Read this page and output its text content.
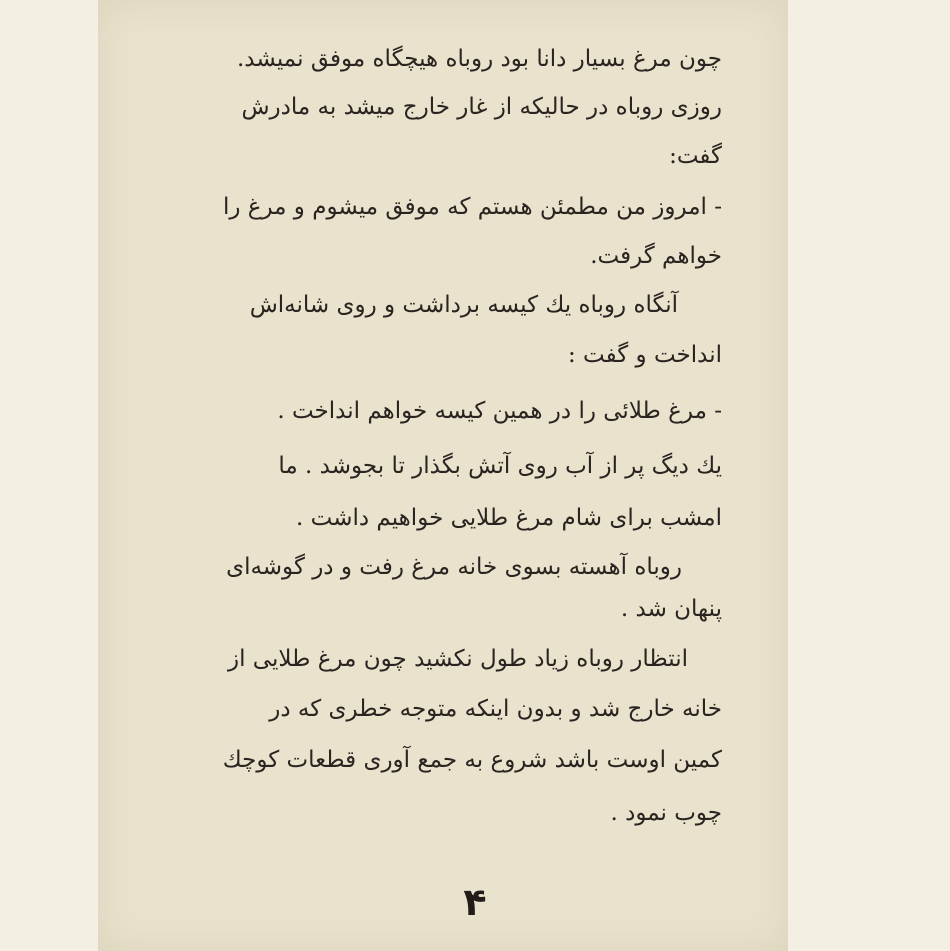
چون مرغ بسیار دانا بود روباه هیچگاه موفق نمیشد.
روزی روباه در حالیکه از غار خارج میشد به مادرش
گفت:
- امروز من مطمئن هستم که موفق میشوم و مرغ را
خواهم گرفت.
آنگاه روباه یك کیسه برداشت و روی شانه‌اش
انداخت و گفت :
- مرغ طلائی را در همین کیسه خواهم انداخت .
یك دیگ پر از آب روی آتش بگذار تا بجوشد . ما
امشب برای شام مرغ طلایی خواهیم داشت .
روباه آهسته بسوی خانه مرغ رفت و در گوشه‌ای
پنهان شد .
انتظار روباه زیاد طول نکشید چون مرغ طلایی از
خانه خارج شد و بدون اینکه متوجه خطری که در
کمین اوست باشد شروع به جمع آوری قطعات کوچك
چوب نمود .
۴
